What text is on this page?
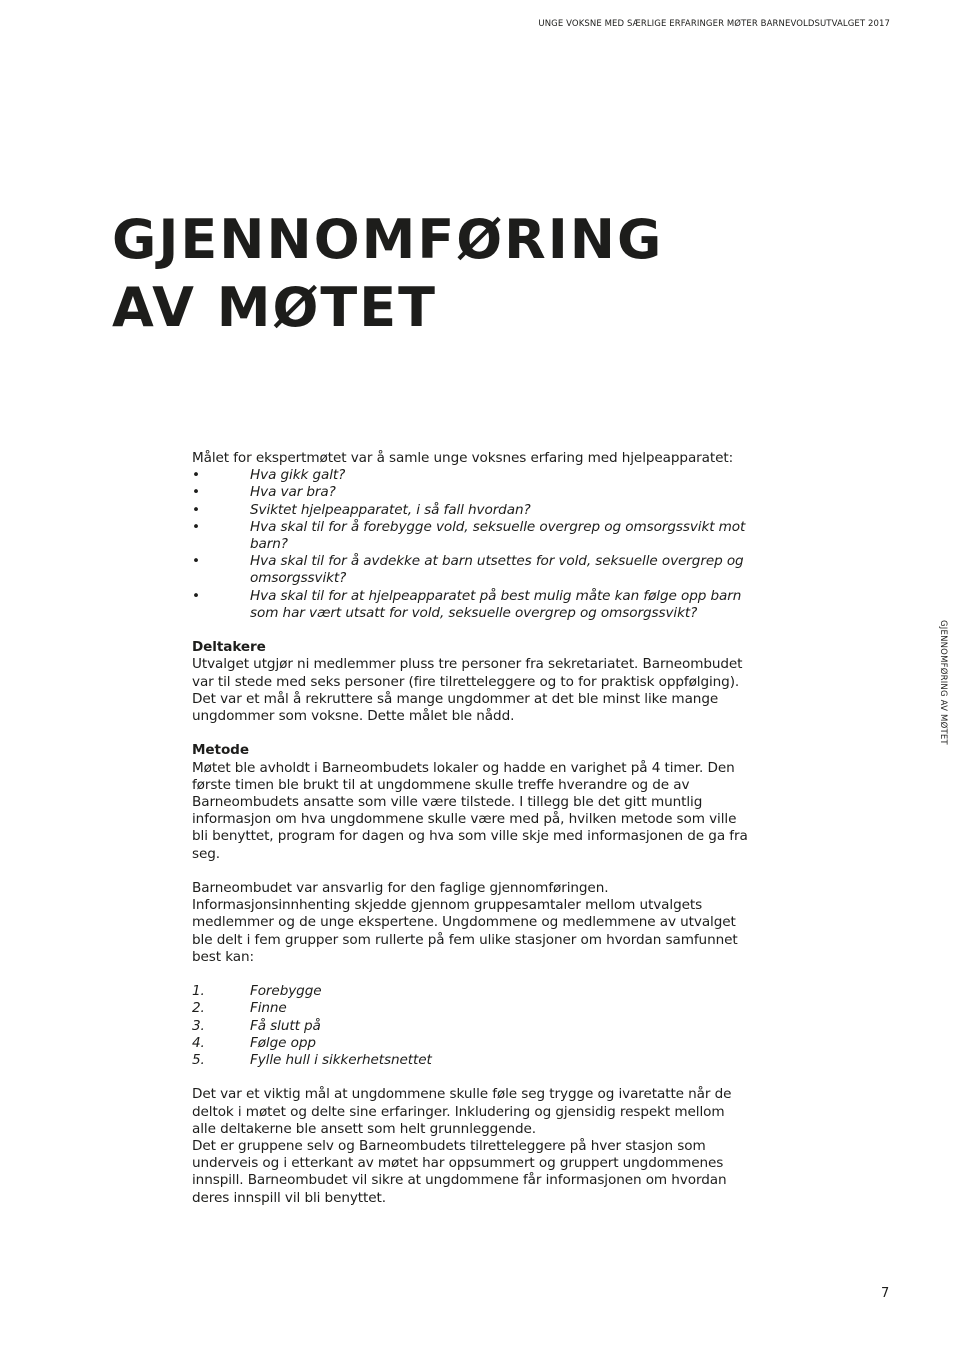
UNGE VOKSNE MED SÆRLIGE ERFARINGER MØTER BARNEVOLDSUTVALGET 2017
GJENNOMFØRING AV MØTET
GJENNOMFØRING
AV MØTET

Målet for ekspertmøtet var å samle unge voksnes erfaring med hjelpeapparatet:

•	Hva gikk galt?
•	Hva var bra?
•	Sviktet hjelpeapparatet, i så fall hvordan?
•	Hva skal til for å forebygge vold, seksuelle overgrep og omsorgssvikt mot barn?
•	Hva skal til for å avdekke at barn utsettes for vold, seksuelle overgrep og omsorgssvikt?
•	Hva skal til for at hjelpeapparatet på best mulig måte kan følge opp barn som har vært utsatt for vold, seksuelle overgrep og omsorgssvikt?

Deltakere

Utvalget utgjør ni medlemmer pluss tre personer fra sekretariatet. Barneombudet var til stede med seks personer (fire tilretteleggere og to for praktisk oppfølging). Det var et mål å rekruttere så mange ungdommer at det ble minst like mange ungdommer som voksne. Dette målet ble nådd.

Metode

Møtet ble avholdt i Barneombudets lokaler og hadde en varighet på 4 timer. Den første timen ble brukt til at ungdommene skulle treffe hverandre og de av Barneombudets ansatte som ville være tilstede. I tillegg ble det gitt muntlig informasjon om hva ungdommene skulle være med på, hvilken metode som ville bli benyttet, program for dagen og hva som ville skje med informasjonen de ga fra seg.

Barneombudet var ansvarlig for den faglige gjennomføringen. Informasjonsinnhenting skjedde gjennom gruppesamtaler mellom utvalgets medlemmer og de unge ekspertene. Ungdommene og medlemmene av utvalget ble delt i fem grupper som rullerte på fem ulike stasjoner om hvordan samfunnet best kan:

1.	Forebygge
2.	Finne
3.	Få slutt på
4.	Følge opp
5.	Fylle hull i sikkerhetsnettet

Det var et viktig mål at ungdommene skulle føle seg trygge og ivaretatte når de deltok i møtet og delte sine erfaringer. Inkludering og gjensidig respekt mellom alle deltakerne ble ansett som helt grunnleggende.

Det er gruppene selv og Barneombudets tilretteleggere på hver stasjon som underveis og i etterkant av møtet har oppsummert og gruppert ungdommenes innspill. Barneombudet vil sikre at ungdommene får informasjonen om hvordan deres innspill vil bli benyttet.

7
